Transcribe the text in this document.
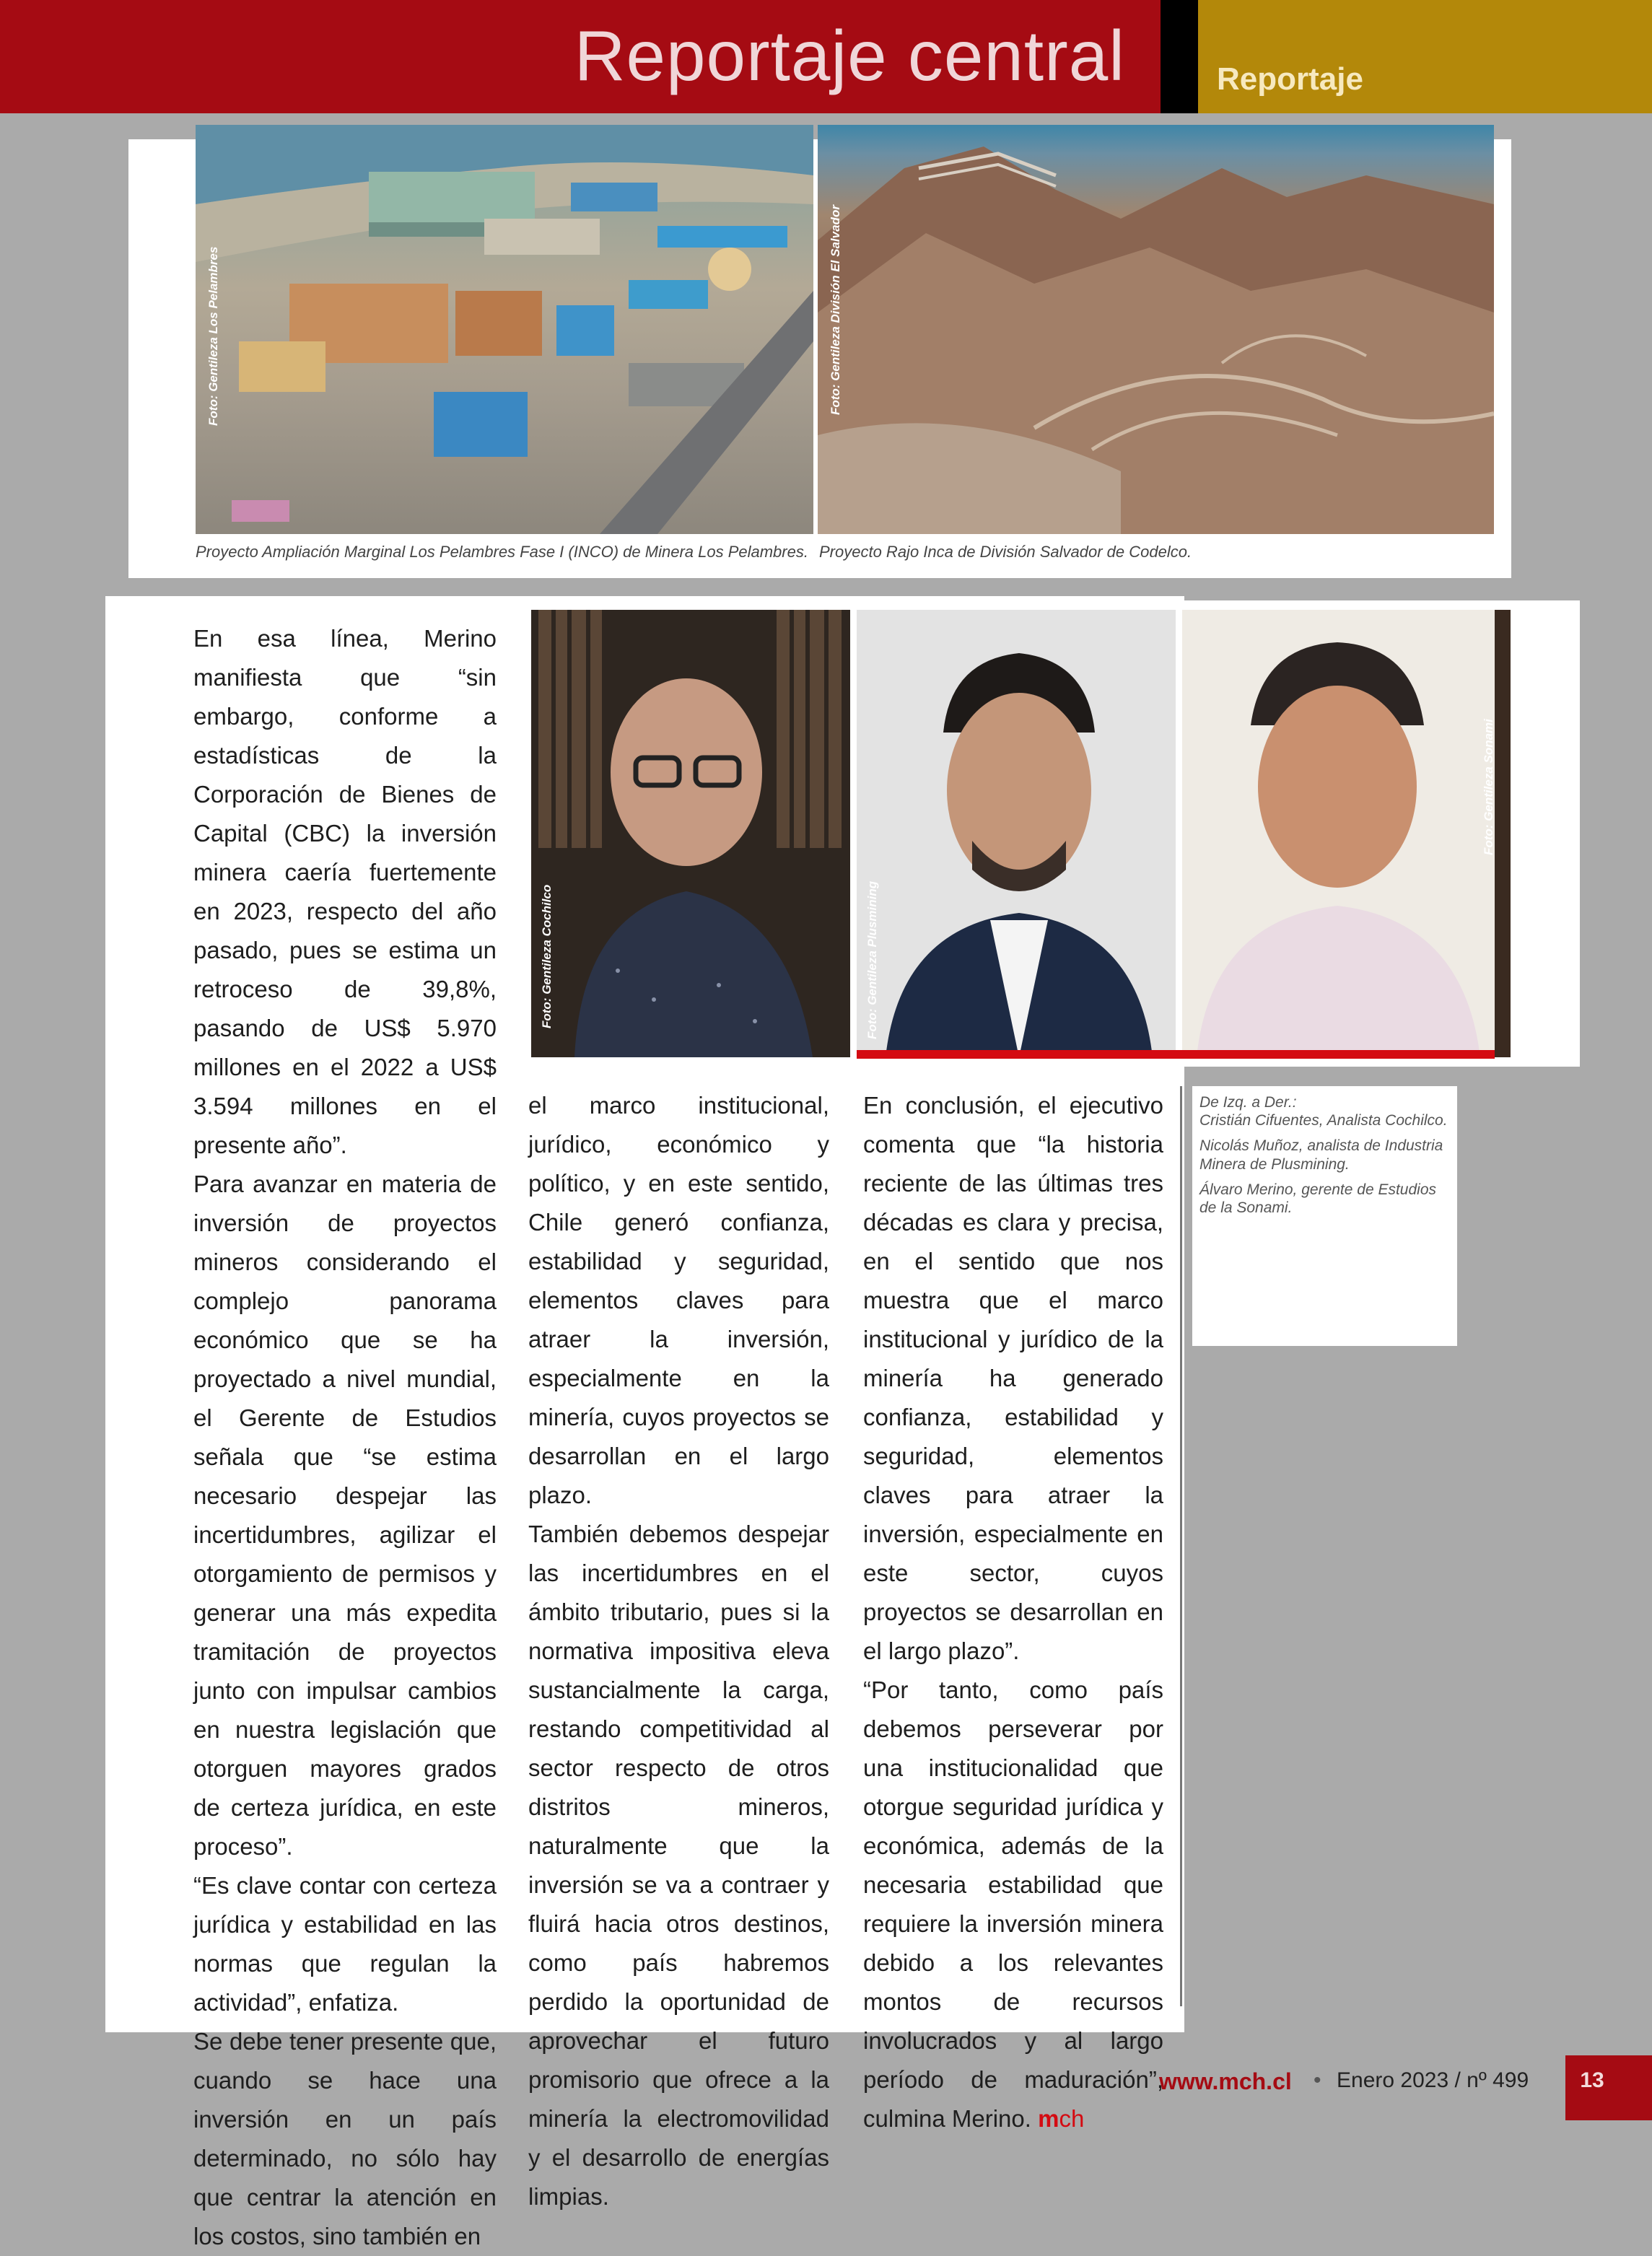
Reportaje central	Reportaje
Foto: Gentileza Los Pelambres	Foto: Gentileza División El Salvador
Proyecto Ampliación Marginal Los Pelambres Fase I (INCO) de Minera Los Pelambres. Proyecto Rajo Inca de División Salvador de Codelco.
Foto: Gentileza Cochilco	Foto: Gentileza Plusmining
Foto: Gentileza Sonami

En esa línea, Merino manifiesta que “sin embargo, conforme a estadísticas de la Corporación de Bienes de Capital (CBC) la inversión minera caería fuertemente en 2023, respecto del año pasado, pues se estima un retroceso de 39,8%, pasando de US$ 5.970 millones en el 2022 a US$ 3.594 millones en el presente año”.

Para avanzar en materia de inversión de proyectos mineros considerando el complejo panorama económico que se ha proyectado a nivel mundial, el Gerente de Estudios señala que “se estima necesario despejar las incertidumbres, agilizar el otorgamiento de permisos y generar una más expedita tramitación de proyectos junto con impulsar cambios en nuestra legislación que otorguen mayores grados de certeza jurídica, en este proceso”.

“Es clave contar con certeza jurídica y estabilidad en las normas que regulan la actividad”, enfatiza.

Se debe tener presente que, cuando se hace una inversión en un país determinado, no sólo hay que centrar la atención en los costos, sino también en

el marco institucional, jurídico, económico y político, y en este sentido, Chile generó confianza, estabilidad y seguridad, elementos claves para atraer la inversión, especialmente en la minería, cuyos proyectos se desarrollan en el largo plazo.

También debemos despejar las incertidumbres en el ámbito tributario, pues si la normativa impositiva eleva sustancialmente la carga, restando competitividad al sector respecto de otros distritos mineros, naturalmente que la inversión se va a contraer y fluirá hacia otros destinos, como país habremos perdido la oportunidad de aprovechar el futuro promisorio que ofrece a la minería la electromovilidad y el desarrollo de energías limpias.

En conclusión, el ejecutivo comenta que “la historia reciente de las últimas tres décadas es clara y precisa, en el sentido que nos muestra que el marco institucional y jurídico de la minería ha generado confianza, estabilidad y seguridad, elementos claves para atraer la inversión, especialmente en este sector, cuyos proyectos se desarrollan en el largo plazo”.

“Por tanto, como país debemos perseverar por una institucionalidad que otorgue seguridad jurídica y económica, además de la necesaria estabilidad que requiere la inversión minera debido a los relevantes montos de recursos involucrados y al largo período de maduración”, culmina Merino. mch

De Izq. a Der.:

Cristián Cifuentes, Analista Cochilco.

Nicolás Muñoz, analista de Industria Minera de Plusmining.

Álvaro Merino, gerente de Estudios de la Sonami.

www.mch.cl • Enero 2023 / nº 499	13
